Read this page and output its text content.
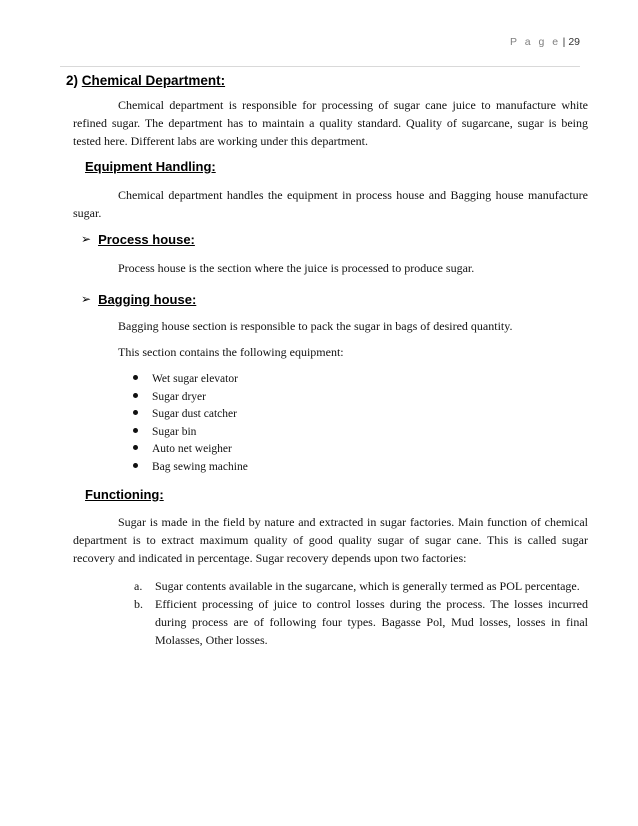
P a g e | 29
2) Chemical Department:
Chemical department is responsible for processing of sugar cane juice to manufacture white refined sugar. The department has to maintain a quality standard. Quality of sugarcane, sugar is being tested here. Different labs are working under this department.
Equipment Handling:
Chemical department handles the equipment in process house and Bagging house manufacture sugar.
➢ Process house:
Process house is the section where the juice is processed to produce sugar.
➢ Bagging house:
Bagging house section is responsible to pack the sugar in bags of desired quantity.
This section contains the following equipment:
Wet sugar elevator
Sugar dryer
Sugar dust catcher
Sugar bin
Auto net weigher
Bag sewing machine
Functioning:
Sugar is made in the field by nature and extracted in sugar factories. Main function of chemical department is to extract maximum quality of good quality sugar of sugar cane. This is called sugar recovery and indicated in percentage. Sugar recovery depends upon two factories:
a. Sugar contents available in the sugarcane, which is generally termed as POL percentage.
b. Efficient processing of juice to control losses during the process. The losses incurred during process are of following four types. Bagasse Pol, Mud losses, losses in final Molasses, Other losses.
